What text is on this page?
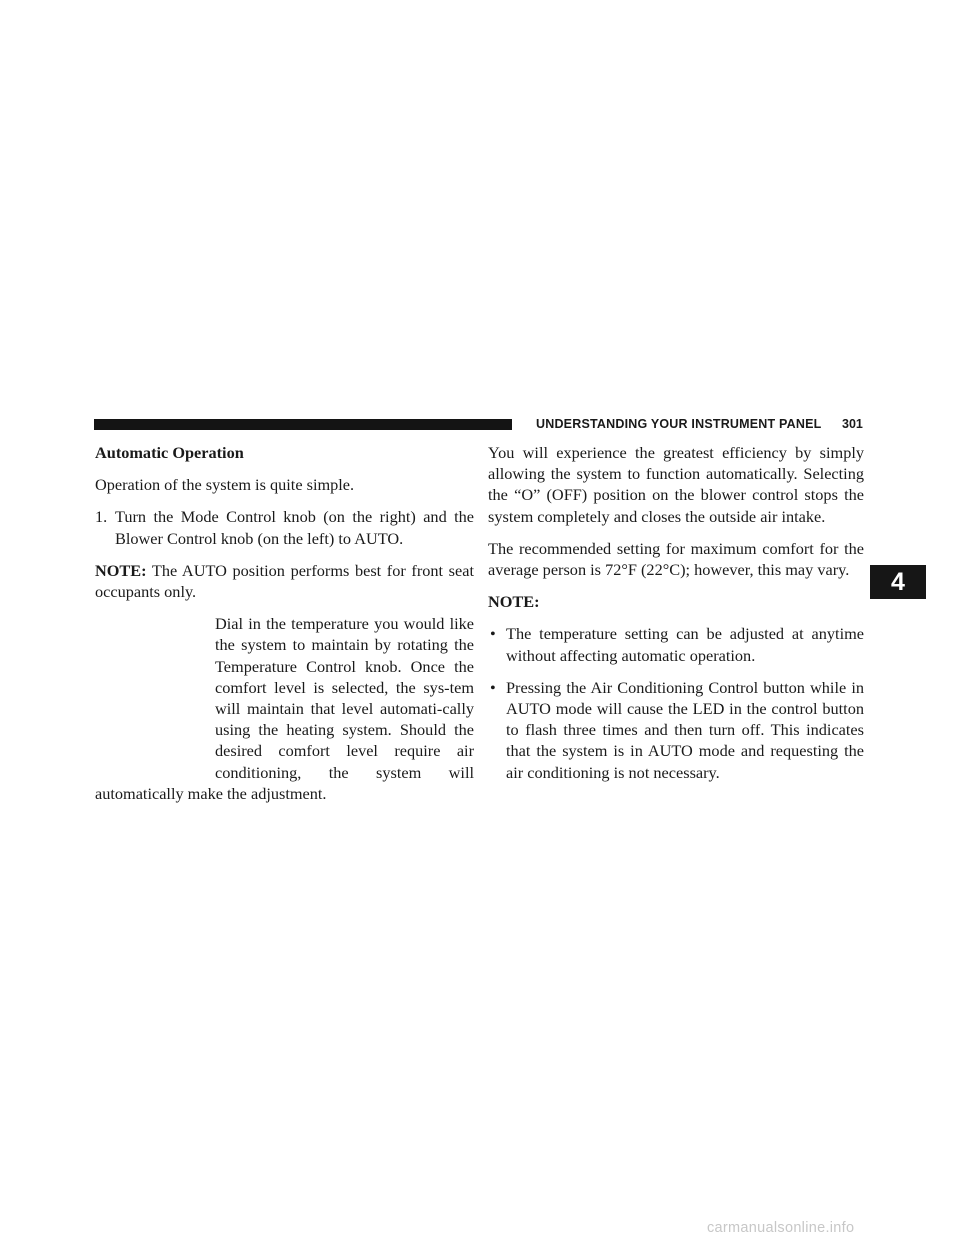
UNDERSTANDING YOUR INSTRUMENT PANEL 301

Automatic Operation

Operation of the system is quite simple.

1. Turn the Mode Control knob (on the right) and the Blower Control knob (on the left) to AUTO.

NOTE: The AUTO position performs best for front seat occupants only.

Dial in the temperature you would like the system to maintain by rotating the Temperature Control knob. Once the comfort level is selected, the sys-tem will maintain that level automati-cally using the heating system. Should the desired comfort level require air conditioning, the system will automatically make the adjustment.

You will experience the greatest efficiency by simply allowing the system to function automatically. Selecting the “O” (OFF) position on the blower control stops the system completely and closes the outside air intake.

The recommended setting for maximum comfort for the average person is 72°F (22°C); however, this may vary.

NOTE:

• The temperature setting can be adjusted at anytime without affecting automatic operation.
• Pressing the Air Conditioning Control button while in AUTO mode will cause the LED in the control button to flash three times and then turn off. This indicates that the system is in AUTO mode and requesting the air conditioning is not necessary.
4
carmanualsonline.info
